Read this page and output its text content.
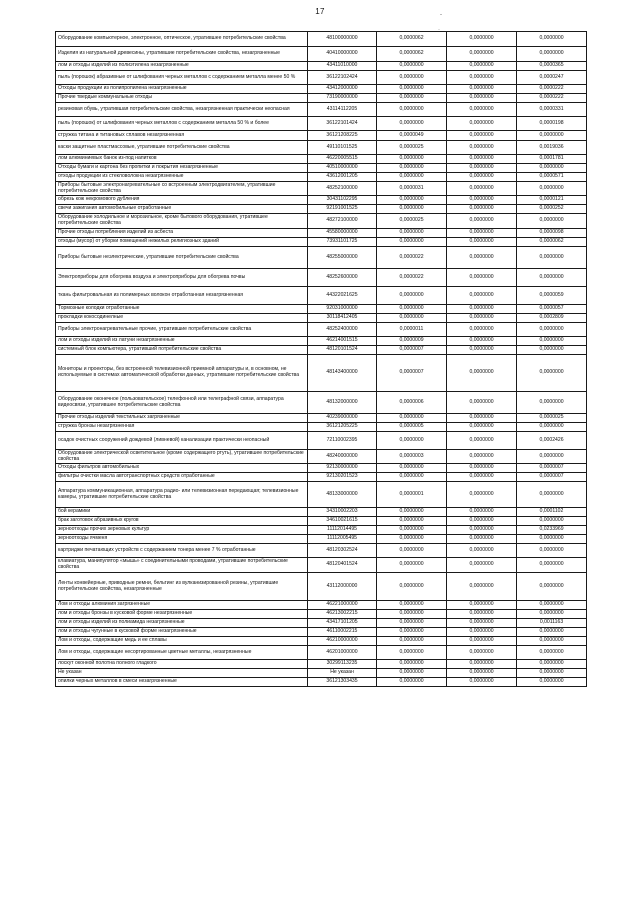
17	-
·
Оборудование компьютерное, электронное, оптическое, утратившее потребительские свойства	48100000000	0,0000062	0,0000000	0,0000000
Изделия из натуральной древесины, утратившие потребительские свойства, незагрязненные	40410000000	0,0000062	0,0000000	0,0000000
лом и отходы изделий из полиэтилена незагрязненные	43411010000	0,0000000	0,0000000	0,0000365
пыль (порошок) абразивные от шлифования черных металлов с содержанием металла менее 50 %	36122102424	0,0000000	0,0000000	0,0000247
Отходы продукции из полипропилена незагрязненные	43412000000	0,0000000	0,0000000	0,0000222
Прочие твердые коммунальные отходы	73190000000	0,0000000	0,0000000	0,0000222
резиновая обувь, утратившая потребительские свойства, незагрязненная практически неопасная	43114112205	0,0000000	0,0000000	0,0000331
пыль (порошок) от шлифования черных металлов с содержанием металла 50 % и более	36122101424	0,0000000	0,0000000	0,0000198
стружка титана и титановых сплавов незагрязненная	36121208225	0,0000049	0,0000000	0,0000000
каски защитные пластмассовые, утратившие потребительские свойства	49110101525	0,0000025	0,0000000	0,0019036
лом алюминиевых банок из-под напитков	46220005515	0,0000000	0,0000000	0,0001781
Отходы бумаги и картона без пропитки и покрытия незагрязненные	40510000000	0,0000000	0,0000000	0,0000000
отходы продукции из стекловолокна незагрязненные	43612001205	0,0000000	0,0000000	0,0000571
Приборы бытовые электронагревательные со встроенным электродвигателем, утратившие потребительские свойства	48252100000	0,0000031	0,0000000	0,0000000
обрезь кож некромового дубления	30431102295	0,0000000	0,0000000	0,0000121
свечи зажигания автомобильные отработанные	92191001525	0,0000000	0,0000000	0,0000252
Оборудование холодильное и морозильное, кроме бытового оборудования, утратившее потребительские свойства	48272100000	0,0000025	0,0000000	0,0000000
Прочие отходы потребления изделий из асбеста	45580000000	0,0000000	0,0000000	0,0000098
отходы (мусор) от уборки помещений нежилых религиозных зданий	73931101725	0,0000000	0,0000000	0,0000062
Приборы бытовые неэлектрические, утратившие потребительские свойства	48255000000	0,0000022	0,0000000	0,0000000
Электроприборы для обогрева воздуха и электроприборы для обогрева почвы	48252600000	0,0000022	0,0000000	0,0000000
ткань фильтровальная из полимерных волокон отработанная незагрязненная	44322021625	0,0000000	0,0000000	0,0000059
Тормозные колодки отработанные	92031000000	0,0000000	0,0000000	0,0000057
прокладки кокосодинелные	30118412405	0,0000000	0,0000000	0,0002809
Приборы электронагревательные прочие, утратившие потребительские свойства	48252400000	0,0000011	0,0000000	0,0000000
лом и отходы изделий из латуни незагрязненные	46214001515	0,0000009	0,0000000	0,0000000
системный блок компьютера, утративший потребительские свойства	48120101524	0,0000007	0,0000000	0,0000000
Мониторы и проекторы, без встроенной телевизионной приемной аппаратуры и, в основном, не используемые в системах автоматической обработки данных, утратившие потребительские свойства	48143400000	0,0000007	0,0000000	0,0000000
Оборудование оконечное (пользовательское) телефонной или телеграфной связи, аппаратура видеосвязи, утратившее потребительские свойства	48132000000	0,0000006	0,0000000	0,0000000
Прочие отходы изделий текстильных загрязненные	40239000000	0,0000000	0,0000000	0,0000025
стружка бронзы незагрязненная	36121205225	0,0000005	0,0000000	0,0000000
осадок очистных сооружений дождевой (ливневой) канализации практически неопасный	72110002395	0,0000000	0,0000000	0,0002426
Оборудование электрической осветительное (кроме содержащего ртуть), утратившее потребительские свойства	48240000000	0,0000003	0,0000000	0,0000000
Отходы фильтров автомобильных	92130000000	0,0000000	0,0000000	0,0000007
фильтры очистки масла автотранспортных средств отработанные	92130201523	0,0000000	0,0000000	0,0000007
Аппаратура коммуникационная, аппаратура радио- или телевизионная передающая; телевизионные камеры, утратившие потребительские свойства	48133000000	0,0000001	0,0000000	0,0000000
бой керамики	34310002203	0,0000000	0,0000000	0,0001102
брак заготовок абразивных кругов	34610021615	0,0000000	0,0000000	0,0000000
зерноотходы прочих зерновых культур	11112014495	0,0000000	0,0000000	0,0233969
зерноотходы ячменя	11112005495	0,0000000	0,0000000	0,0000000
картриджи печатающих устройств с содержанием тонера менее 7 % отработанные	48120302524	0,0000000	0,0000000	0,0000000
клавиатура, манипулятор «мышь» с соединительными проводами, утратившие потребительские свойства	48120401524	0,0000000	0,0000000	0,0000000
Ленты конвейерные, приводные ремни, бельтинг из вулканизированной резины, утратившие потребительские свойства, незагрязненные	43112000000	0,0000000	0,0000000	0,0000000
Лом и отходы алюминия загрязненные	46221000000	0,0000000	0,0000000	0,0000000
лом и отходы бронзы в кусковой форме незагрязненные	46213002215	0,0000000	0,0000000	0,0000000
лом и отходы изделий из полиамида незагрязненные	43417101205	0,0000000	0,0000000	0,0011163
лом и отходы чугунные в кусковой форме незагрязненные	46110002215	0,0000000	0,0000000	0,0000000
Лом и отходы, содержащие медь и ее сплавы	46210000000	0,0000000	0,0000000	0,0000000
Лом и отходы, содержащие несортированные цветные металлы, незагрязненные	46201000000	0,0000000	0,0000000	0,0000000
лоскут оконной полотна полного гладкого	30299113235	0,0000000	0,0000000	0,0000000
Не указан	Не указан	0,0000000	0,0000000	0,0000000
опилки черных металлов в смеси незагрязненные	36121303435	0,0000000	0,0000000	0,0000000
